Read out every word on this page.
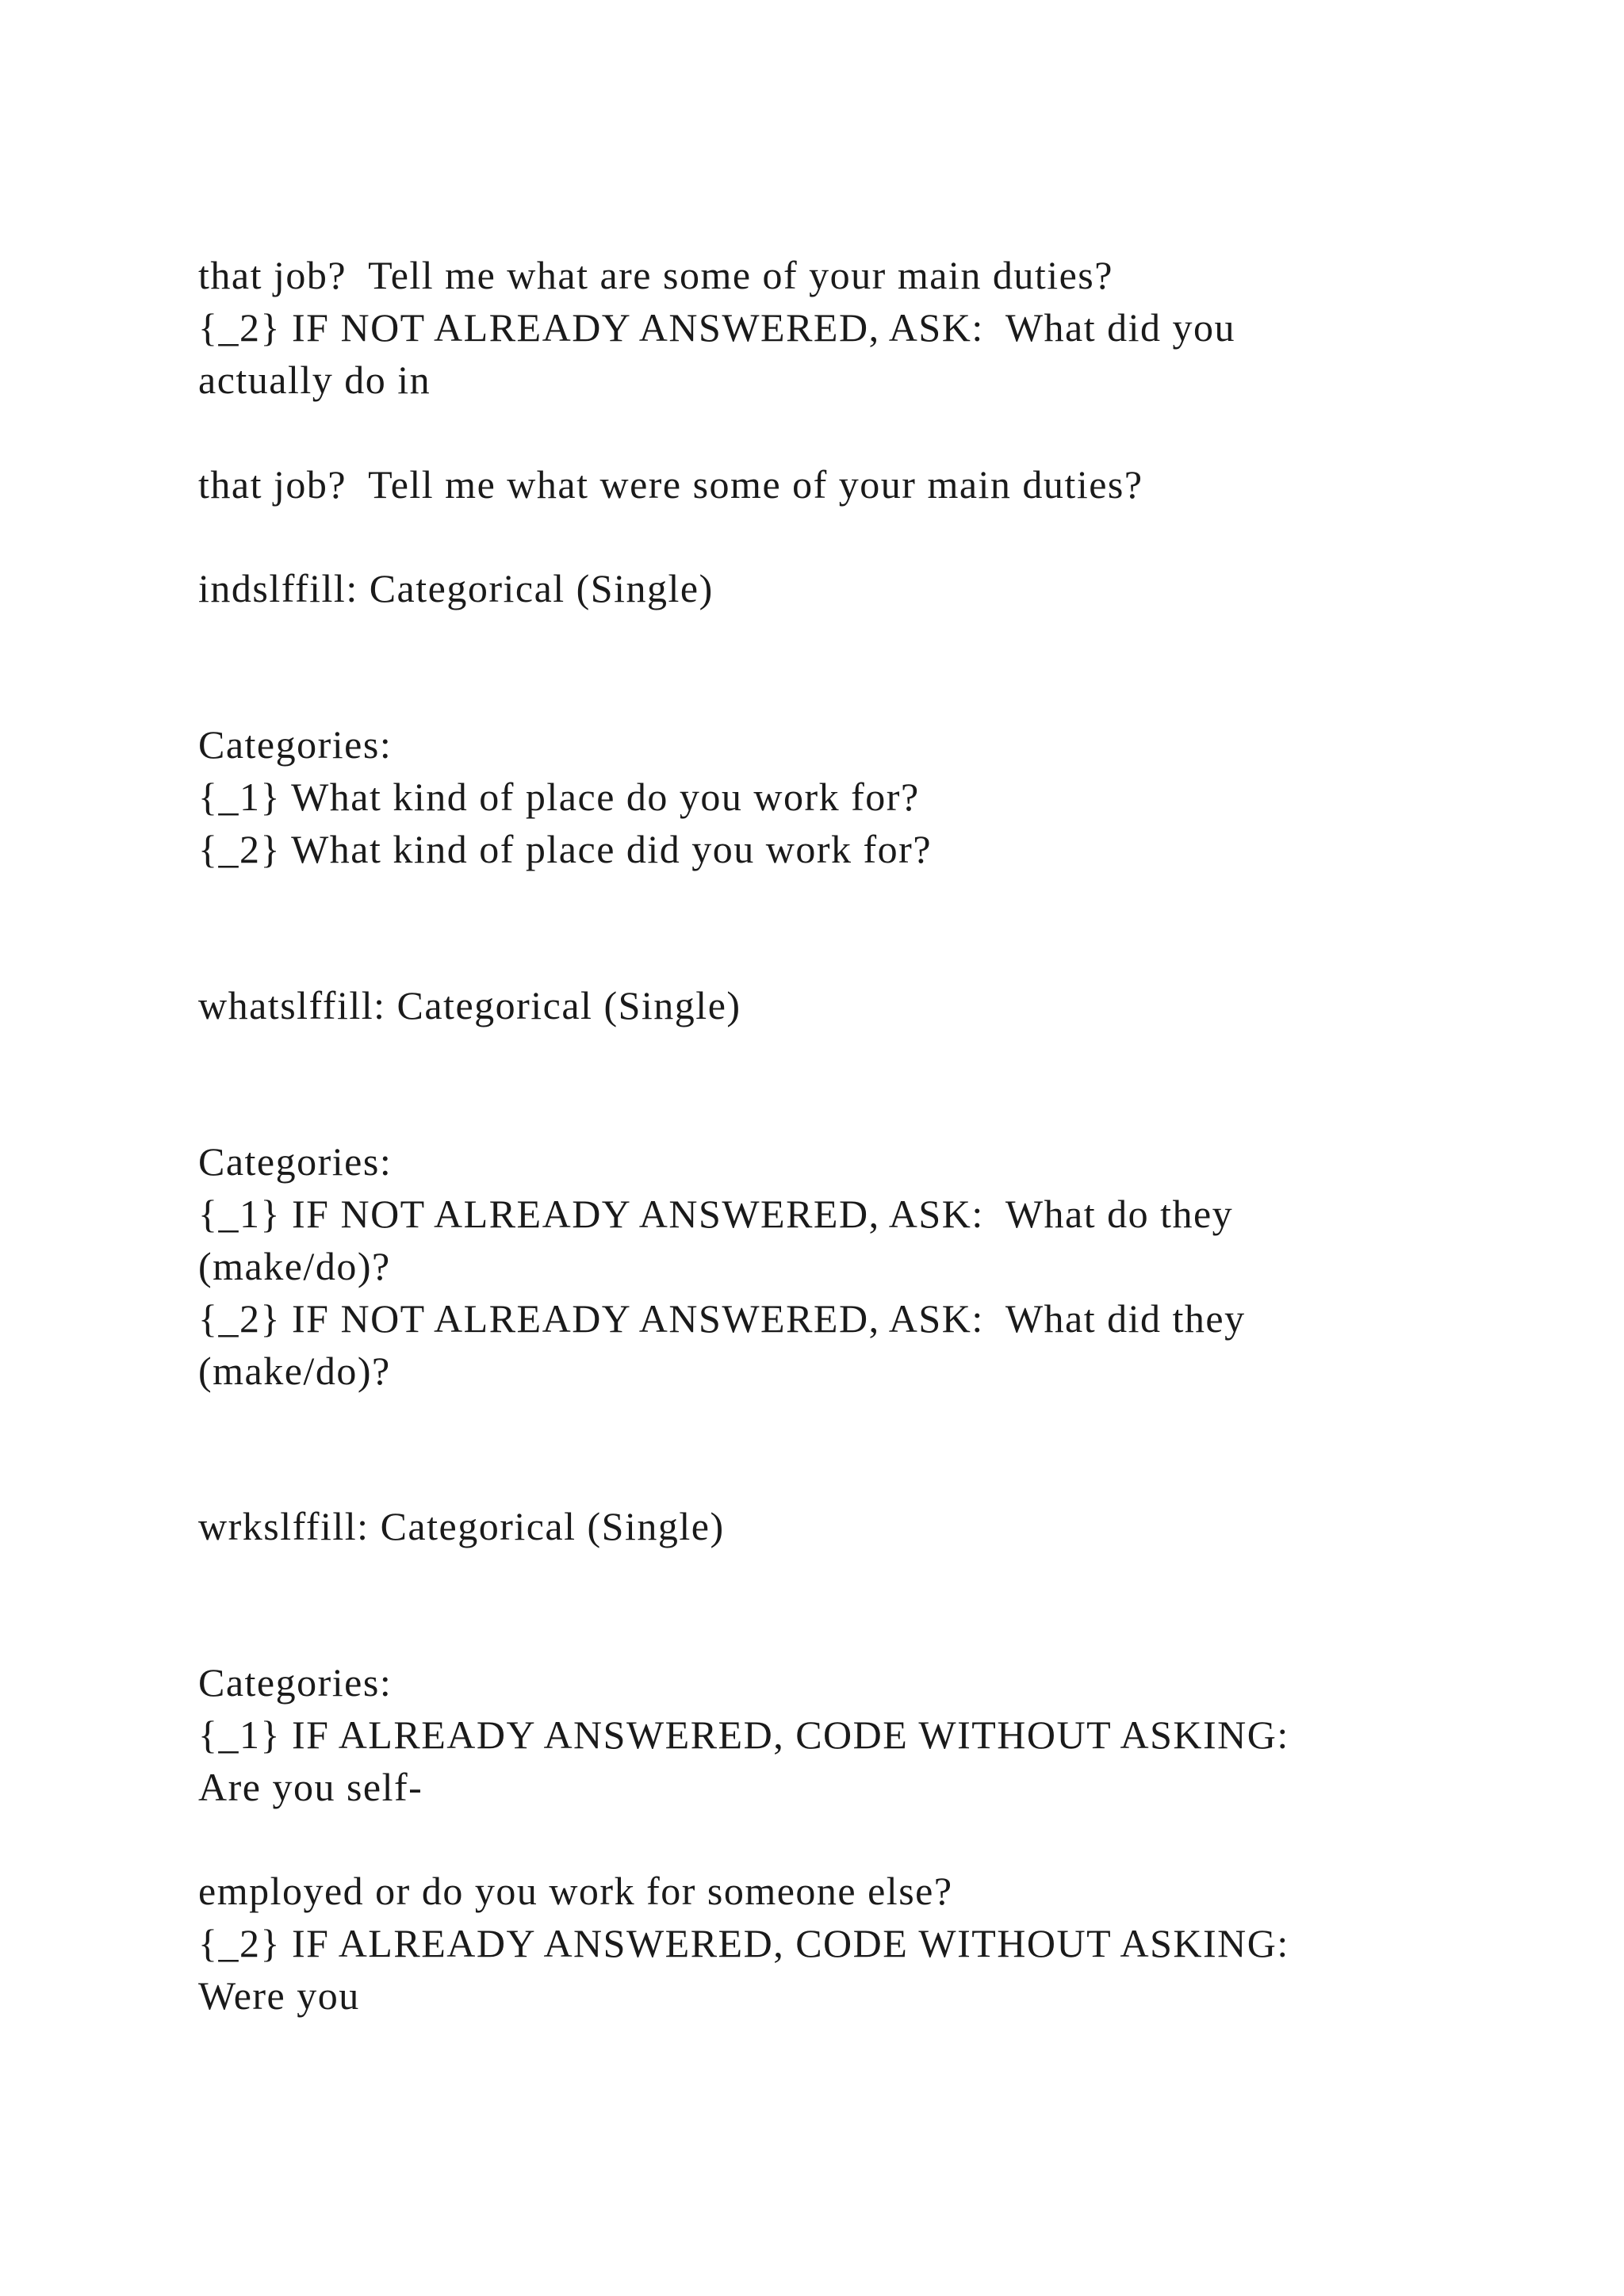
that job?  Tell me what are some of your main duties?
{_2} IF NOT ALREADY ANSWERED, ASK:  What did you
actually do in
that job?  Tell me what were some of your main duties?
indslffill: Categorical (Single)
Categories:
{_1} What kind of place do you work for?
{_2} What kind of place did you work for?
whatslffill: Categorical (Single)
Categories:
{_1} IF NOT ALREADY ANSWERED, ASK:  What do they
(make/do)?
{_2} IF NOT ALREADY ANSWERED, ASK:  What did they
(make/do)?
wrkslffill: Categorical (Single)
Categories:
{_1} IF ALREADY ANSWERED, CODE WITHOUT ASKING:
Are you self-
employed or do you work for someone else?
{_2} IF ALREADY ANSWERED, CODE WITHOUT ASKING:
Were you
